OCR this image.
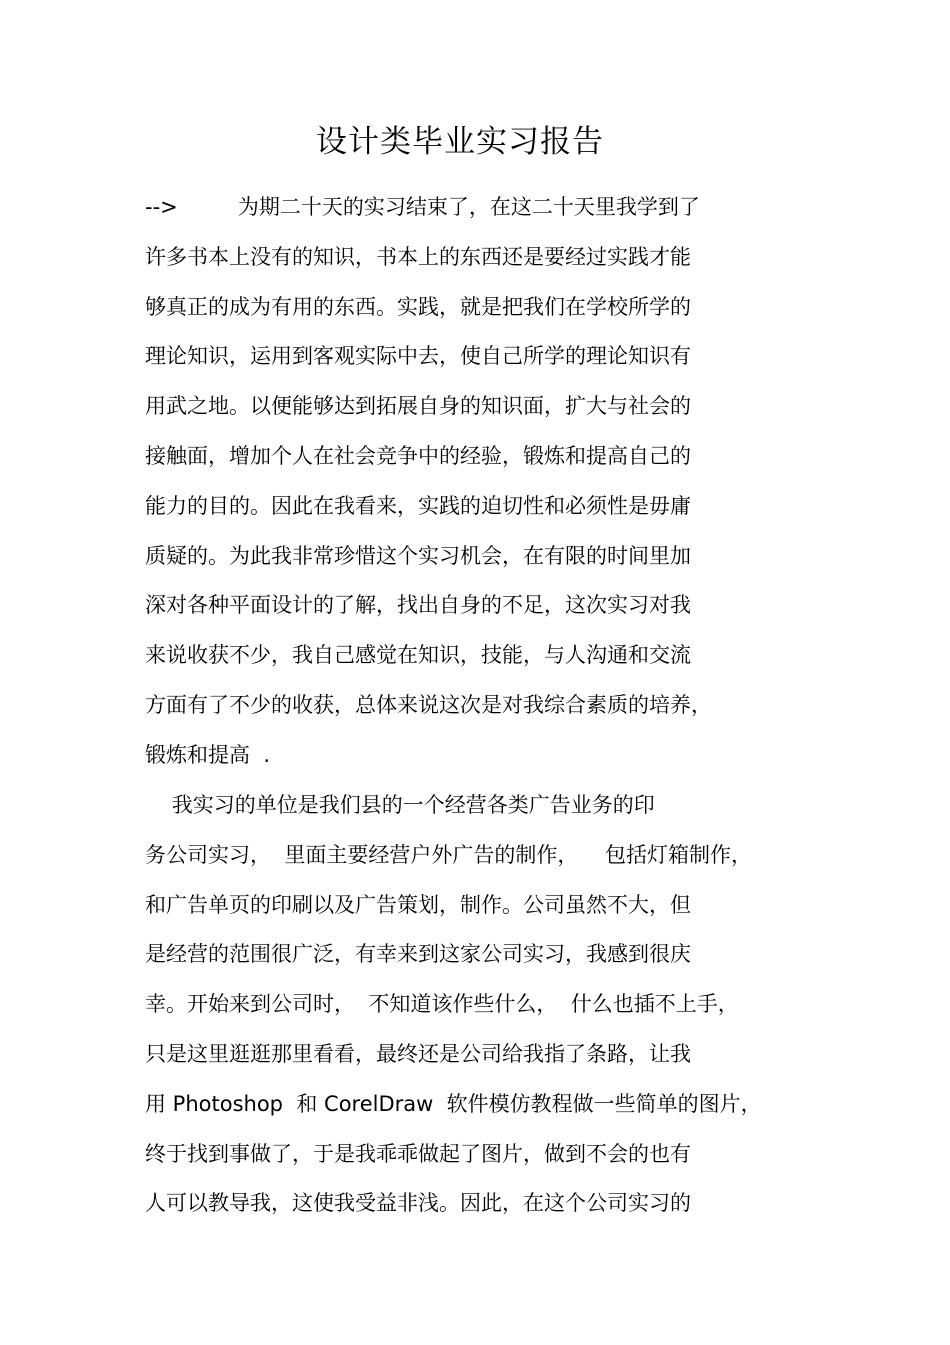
设计类毕业实习报告
-->         为期二十天的实习结束了，在这二十天里我学到了
许多书本上没有的知识，书本上的东西还是要经过实践才能
够真正的成为有用的东西。实践，就是把我们在学校所学的
理论知识，运用到客观实际中去，使自己所学的理论知识有
用武之地。以便能够达到拓展自身的知识面，扩大与社会的
接触面，增加个人在社会竞争中的经验，锻炼和提高自己的
能力的目的。因此在我看来，实践的迫切性和必须性是毋庸
质疑的。为此我非常珍惜这个实习机会，在有限的时间里加
深对各种平面设计的了解，找出自身的不足，这次实习对我
来说收获不少，我自己感觉在知识，技能，与人沟通和交流
方面有了不少的收获，总体来说这次是对我综合素质的培养，
锻炼和提高  .
我实习的单位是我们县的一个经营各类广告业务的印
务公司实习，  里面主要经营户外广告的制作，    包括灯箱制作，
和广告单页的印刷以及广告策划，制作。公司虽然不大，但
是经营的范围很广泛，有幸来到这家公司实习，我感到很庆
幸。开始来到公司时，  不知道该作些什么，  什么也插不上手，
只是这里逛逛那里看看，最终还是公司给我指了条路，让我
用 Photoshop  和 CorelDraw  软件模仿教程做一些简单的图片，
终于找到事做了，于是我乖乖做起了图片，做到不会的也有
人可以教导我，这使我受益非浅。因此，在这个公司实习的
